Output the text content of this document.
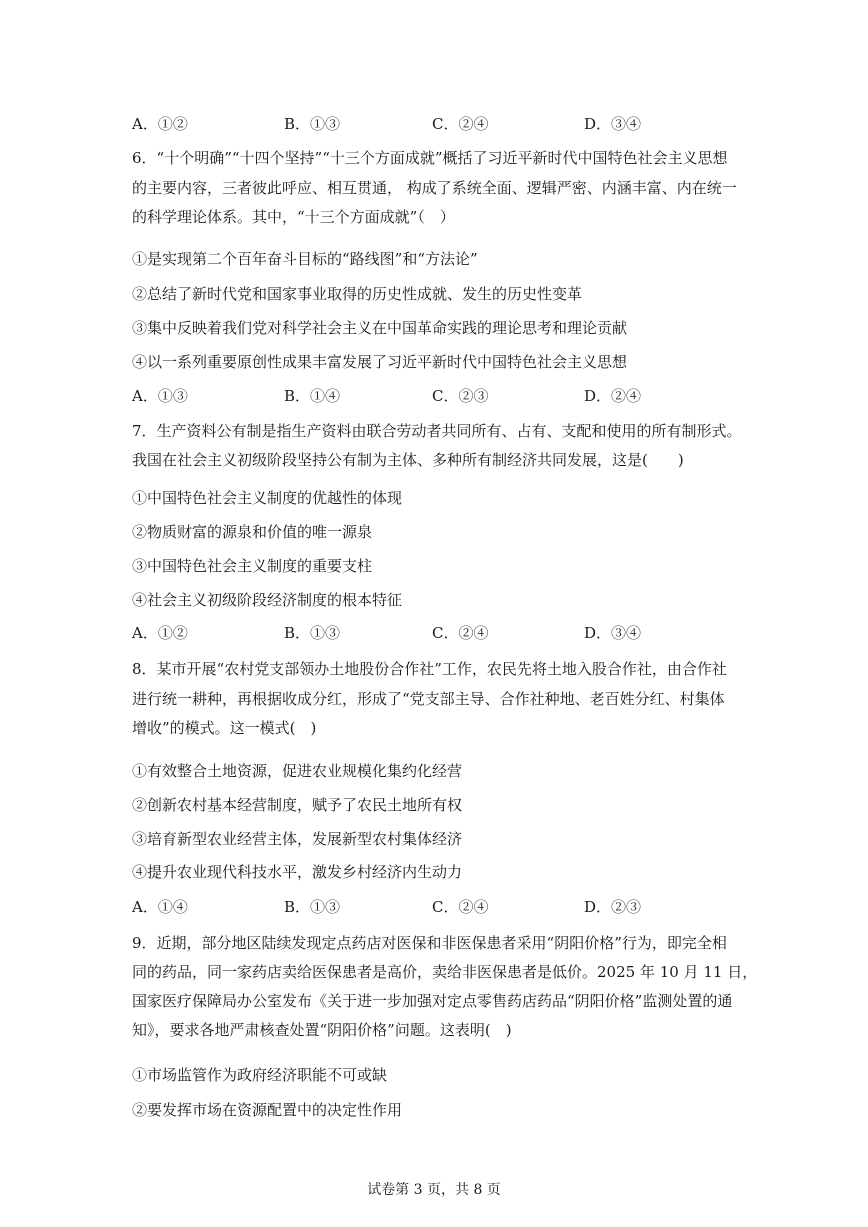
A．①②	B．①③	C．②④	D．③④
6．“十个明确”“十四个坚持”“十三个方面成就”概括了习近平新时代中国特色社会主义思想
的主要内容，三者彼此呼应、相互贯通， 构成了系统全面、逻辑严密、内涵丰富、内在统一
的科学理论体系。其中，“十三个方面成就”（　）
①是实现第二个百年奋斗目标的“路线图”和“方法论”
②总结了新时代党和国家事业取得的历史性成就、发生的历史性变革
③集中反映着我们党对科学社会主义在中国革命实践的理论思考和理论贡献
④以一系列重要原创性成果丰富发展了习近平新时代中国特色社会主义思想
A．①③	B．①④	C．②③	D．②④
7．生产资料公有制是指生产资料由联合劳动者共同所有、占有、支配和使用的所有制形式。
我国在社会主义初级阶段坚持公有制为主体、多种所有制经济共同发展，这是(　　)
①中国特色社会主义制度的优越性的体现
②物质财富的源泉和价值的唯一源泉
③中国特色社会主义制度的重要支柱
④社会主义初级阶段经济制度的根本特征
A．①②	B．①③	C．②④	D．③④
8．某市开展“农村党支部领办土地股份合作社”工作，农民先将土地入股合作社，由合作社
进行统一耕种，再根据收成分红，形成了“党支部主导、合作社种地、老百姓分红、村集体
增收”的模式。这一模式(　)
①有效整合土地资源，促进农业规模化集约化经营
②创新农村基本经营制度，赋予了农民土地所有权
③培育新型农业经营主体，发展新型农村集体经济
④提升农业现代科技水平，激发乡村经济内生动力
A．①④	B．①③	C．②④	D．②③
9．近期，部分地区陆续发现定点药店对医保和非医保患者采用“阴阳价格”行为，即完全相
同的药品，同一家药店卖给医保患者是高价，卖给非医保患者是低价。2025 年 10 月 11 日，
国家医疗保障局办公室发布《关于进一步加强对定点零售药店药品“阴阳价格”监测处置的通
知》，要求各地严肃核查处置“阴阳价格”问题。这表明(　)
①市场监管作为政府经济职能不可或缺
②要发挥市场在资源配置中的决定性作用
试卷第 3 页，共 8 页
